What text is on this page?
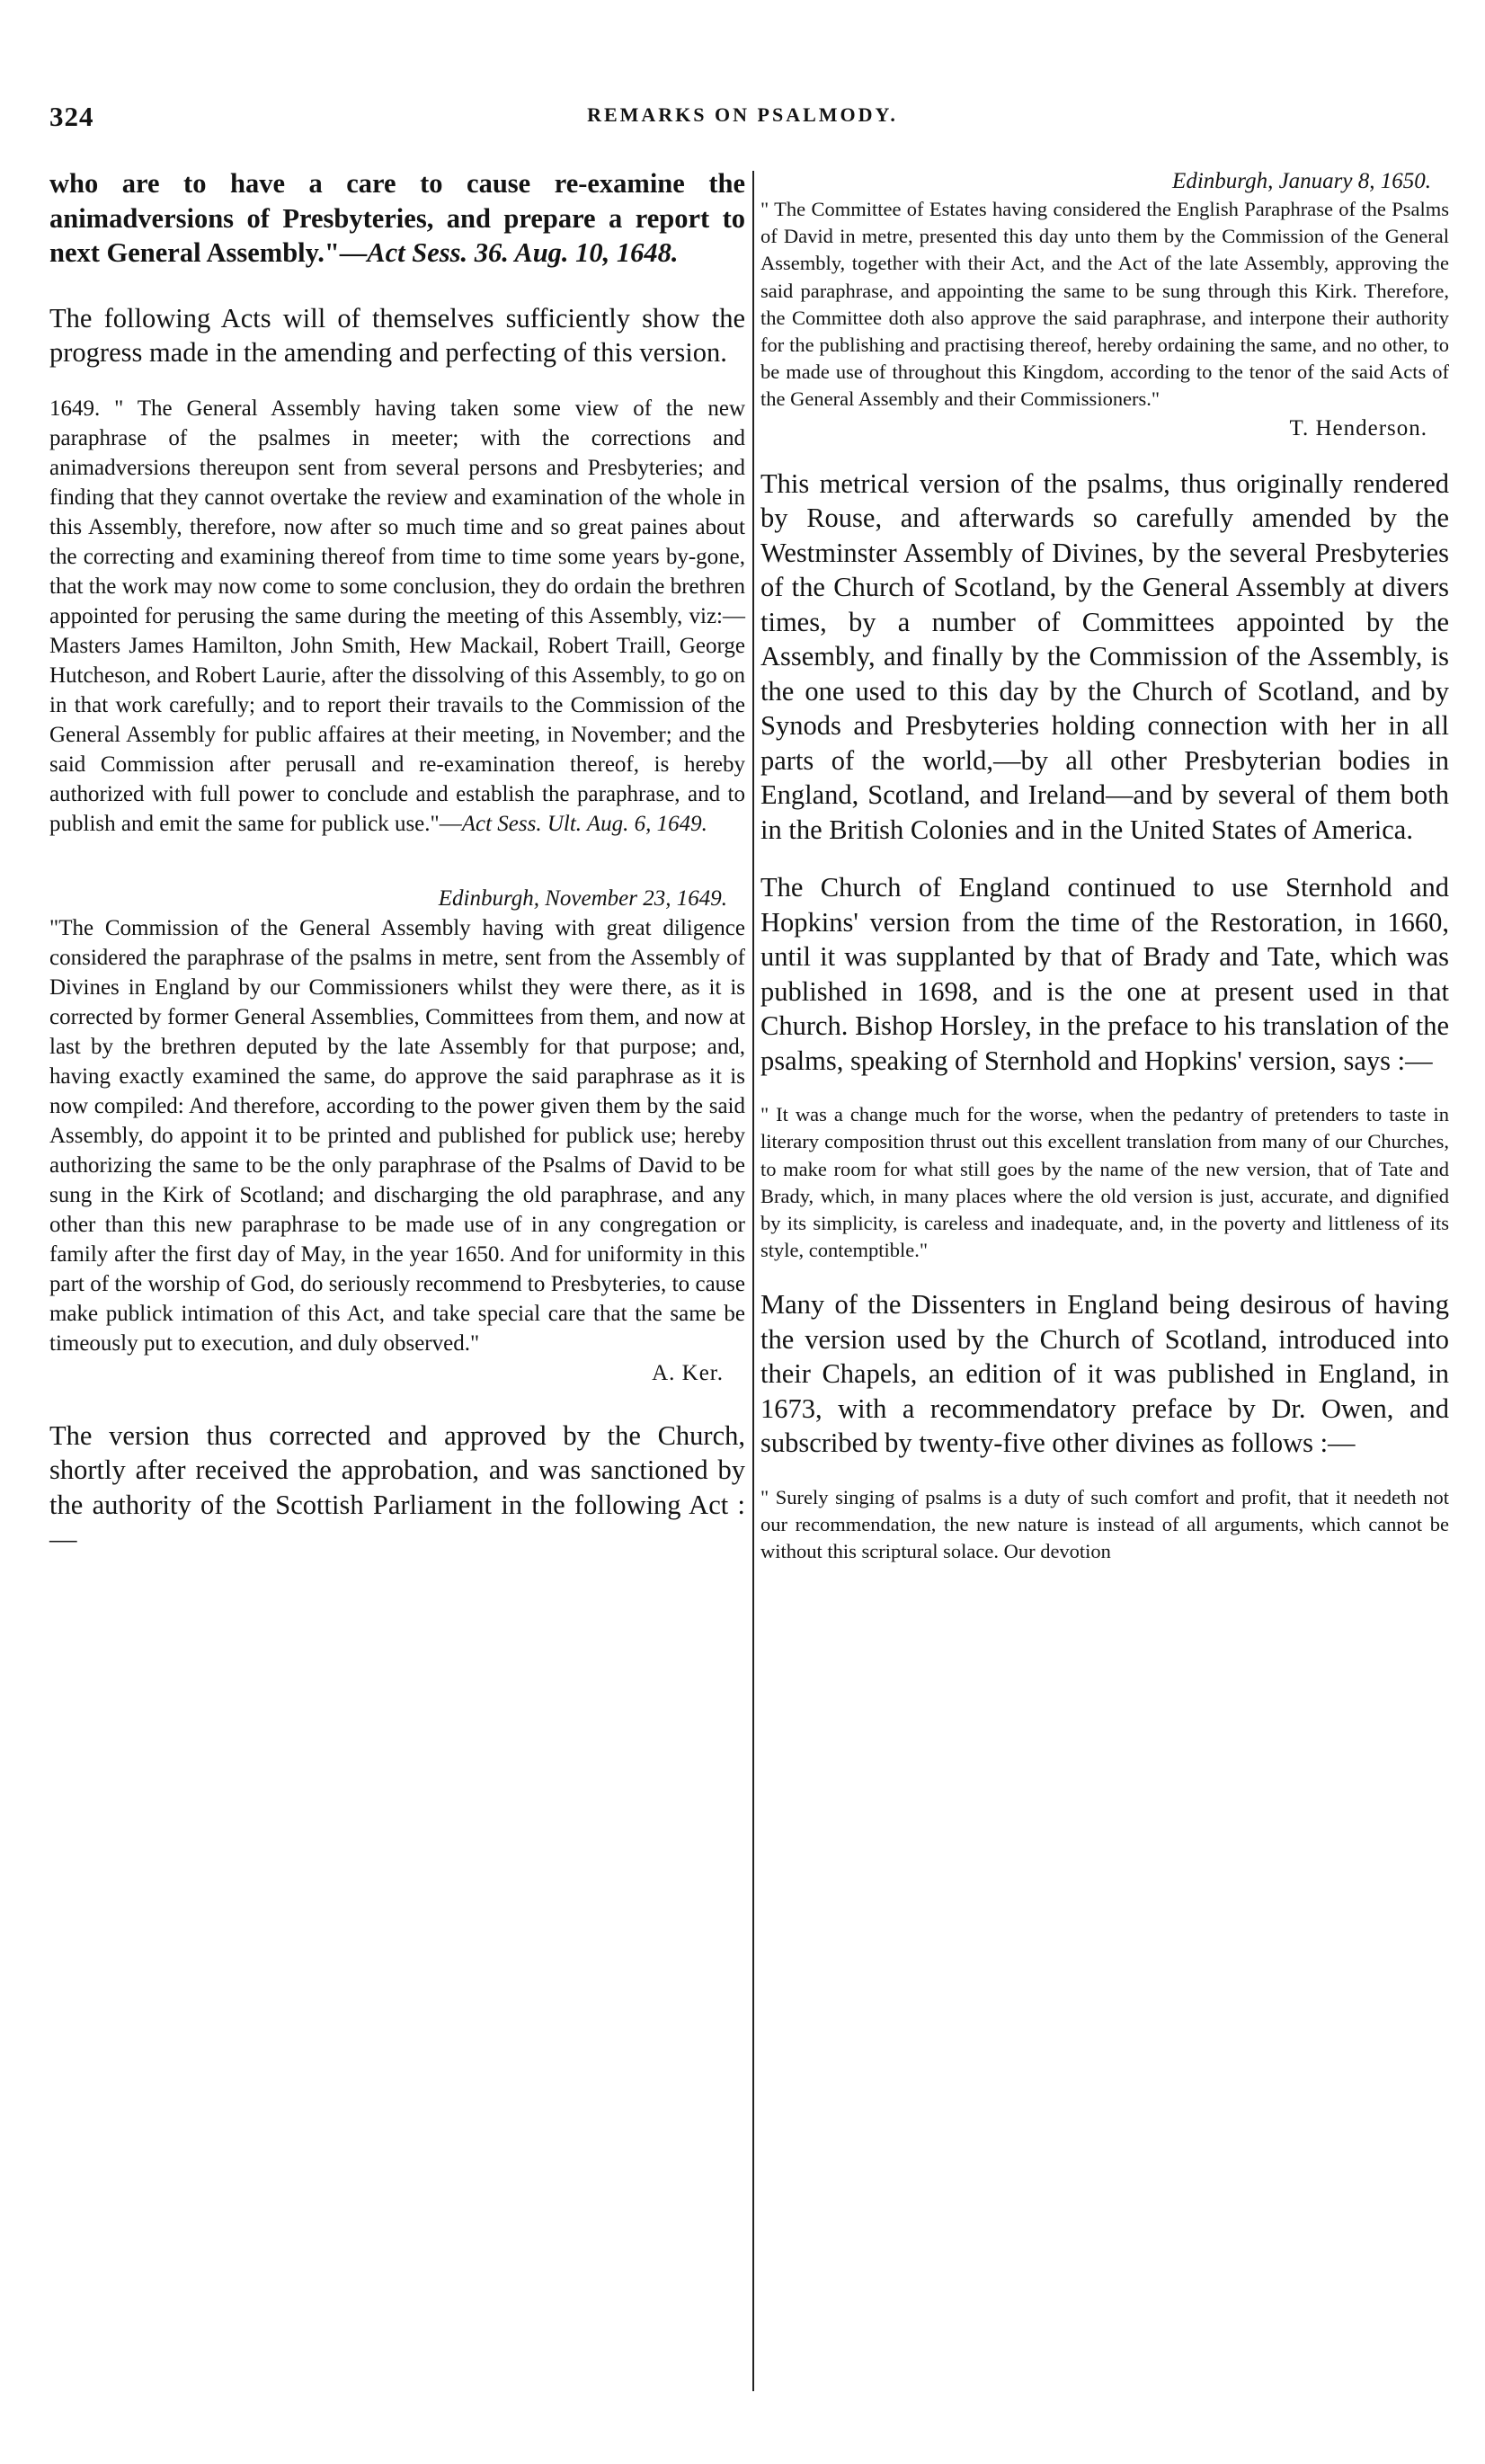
324	REMARKS ON PSALMODY.

who are to have a care to cause re-examine the animadversions of Presbyteries, and prepare a report to next General Assembly."—Act Sess. 36. Aug. 10, 1648.

The following Acts will of themselves sufficiently show the progress made in the amending and perfecting of this version.

1649. " The General Assembly having taken some view of the new paraphrase of the psalmes in meeter; with the corrections and animadversions thereupon sent from several persons and Presbyteries; and finding that they cannot overtake the review and examination of the whole in this Assembly, therefore, now after so much time and so great paines about the correcting and examining thereof from time to time some years by-gone, that the work may now come to some conclusion, they do ordain the brethren appointed for perusing the same during the meeting of this Assembly, viz:—Masters James Hamilton, John Smith, Hew Mackail, Robert Traill, George Hutcheson, and Robert Laurie, after the dissolving of this Assembly, to go on in that work carefully; and to report their travails to the Commission of the General Assembly for public affaires at their meeting, in November; and the said Commission after perusall and re-examination thereof, is hereby authorized with full power to conclude and establish the paraphrase, and to publish and emit the same for publick use."—Act Sess. Ult. Aug. 6, 1649.

Edinburgh, November 23, 1649.

"The Commission of the General Assembly having with great diligence considered the paraphrase of the psalms in metre, sent from the Assembly of Divines in England by our Commissioners whilst they were there, as it is corrected by former General Assemblies, Committees from them, and now at last by the brethren deputed by the late Assembly for that purpose; and, having exactly examined the same, do approve the said paraphrase as it is now compiled: And therefore, according to the power given them by the said Assembly, do appoint it to be printed and published for publick use; hereby authorizing the same to be the only paraphrase of the Psalms of David to be sung in the Kirk of Scotland; and discharging the old paraphrase, and any other than this new paraphrase to be made use of in any congregation or family after the first day of May, in the year 1650. And for uniformity in this part of the worship of God, do seriously recommend to Presbyteries, to cause make publick intimation of this Act, and take special care that the same be timeously put to execution, and duly observed."

A. Ker.

The version thus corrected and approved by the Church, shortly after received the approbation, and was sanctioned by the authority of the Scottish Parliament in the following Act :—

Edinburgh, January 8, 1650.

" The Committee of Estates having considered the English Paraphrase of the Psalms of David in metre, presented this day unto them by the Commission of the General Assembly, together with their Act, and the Act of the late Assembly, approving the said paraphrase, and appointing the same to be sung through this Kirk. Therefore, the Committee doth also approve the said paraphrase, and interpone their authority for the publishing and practising thereof, hereby ordaining the same, and no other, to be made use of throughout this Kingdom, according to the tenor of the said Acts of the General Assembly and their Commissioners."

T. Henderson.

This metrical version of the psalms, thus originally rendered by Rouse, and afterwards so carefully amended by the Westminster Assembly of Divines, by the several Presbyteries of the Church of Scotland, by the General Assembly at divers times, by a number of Committees appointed by the Assembly, and finally by the Commission of the Assembly, is the one used to this day by the Church of Scotland, and by Synods and Presbyteries holding connection with her in all parts of the world,—by all other Presbyterian bodies in England, Scotland, and Ireland—and by several of them both in the British Colonies and in the United States of America.

The Church of England continued to use Sternhold and Hopkins' version from the time of the Restoration, in 1660, until it was supplanted by that of Brady and Tate, which was published in 1698, and is the one at present used in that Church. Bishop Horsley, in the preface to his translation of the psalms, speaking of Sternhold and Hopkins' version, says :—

" It was a change much for the worse, when the pedantry of pretenders to taste in literary composition thrust out this excellent translation from many of our Churches, to make room for what still goes by the name of the new version, that of Tate and Brady, which, in many places where the old version is just, accurate, and dignified by its simplicity, is careless and inadequate, and, in the poverty and littleness of its style, contemptible."

Many of the Dissenters in England being desirous of having the version used by the Church of Scotland, introduced into their Chapels, an edition of it was published in England, in 1673, with a recommendatory preface by Dr. Owen, and subscribed by twenty-five other divines as follows :—

" Surely singing of psalms is a duty of such comfort and profit, that it needeth not our recommendation, the new nature is instead of all arguments, which cannot be without this scriptural solace. Our devotion
